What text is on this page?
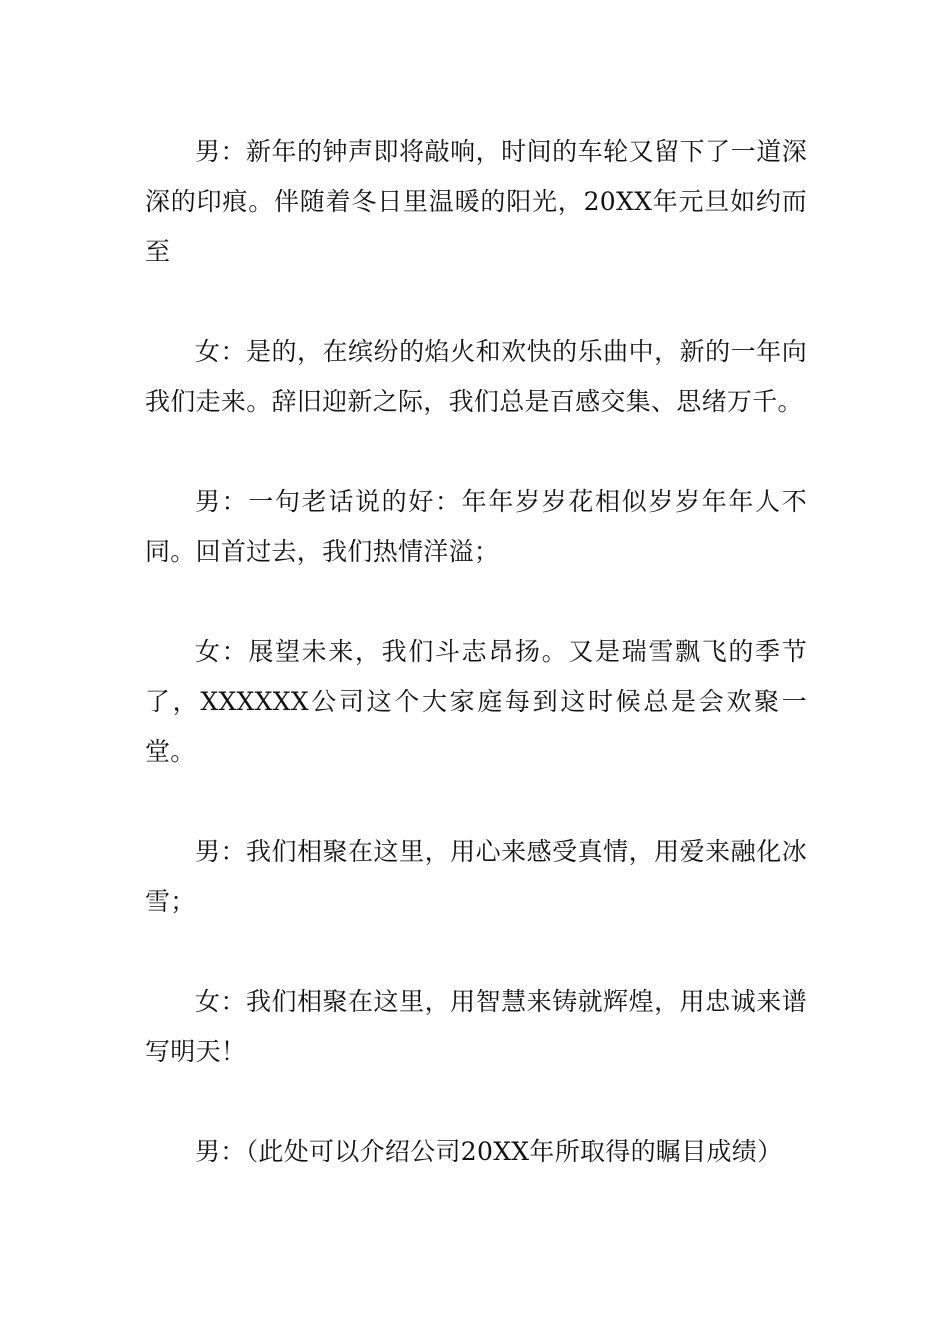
男：新年的钟声即将敲响，时间的车轮又留下了一道深深的印痕。伴随着冬日里温暖的阳光，20XX年元旦如约而至

女：是的，在缤纷的焰火和欢快的乐曲中，新的一年向我们走来。辞旧迎新之际，我们总是百感交集、思绪万千。

男：一句老话说的好：年年岁岁花相似岁岁年年人不同。回首过去，我们热情洋溢；

女：展望未来，我们斗志昂扬。又是瑞雪飘飞的季节了，XXXXXX公司这个大家庭每到这时候总是会欢聚一堂。

男：我们相聚在这里，用心来感受真情，用爱来融化冰雪；

女：我们相聚在这里，用智慧来铸就辉煌，用忠诚来谱写明天！

男：（此处可以介绍公司20XX年所取得的瞩目成绩）
